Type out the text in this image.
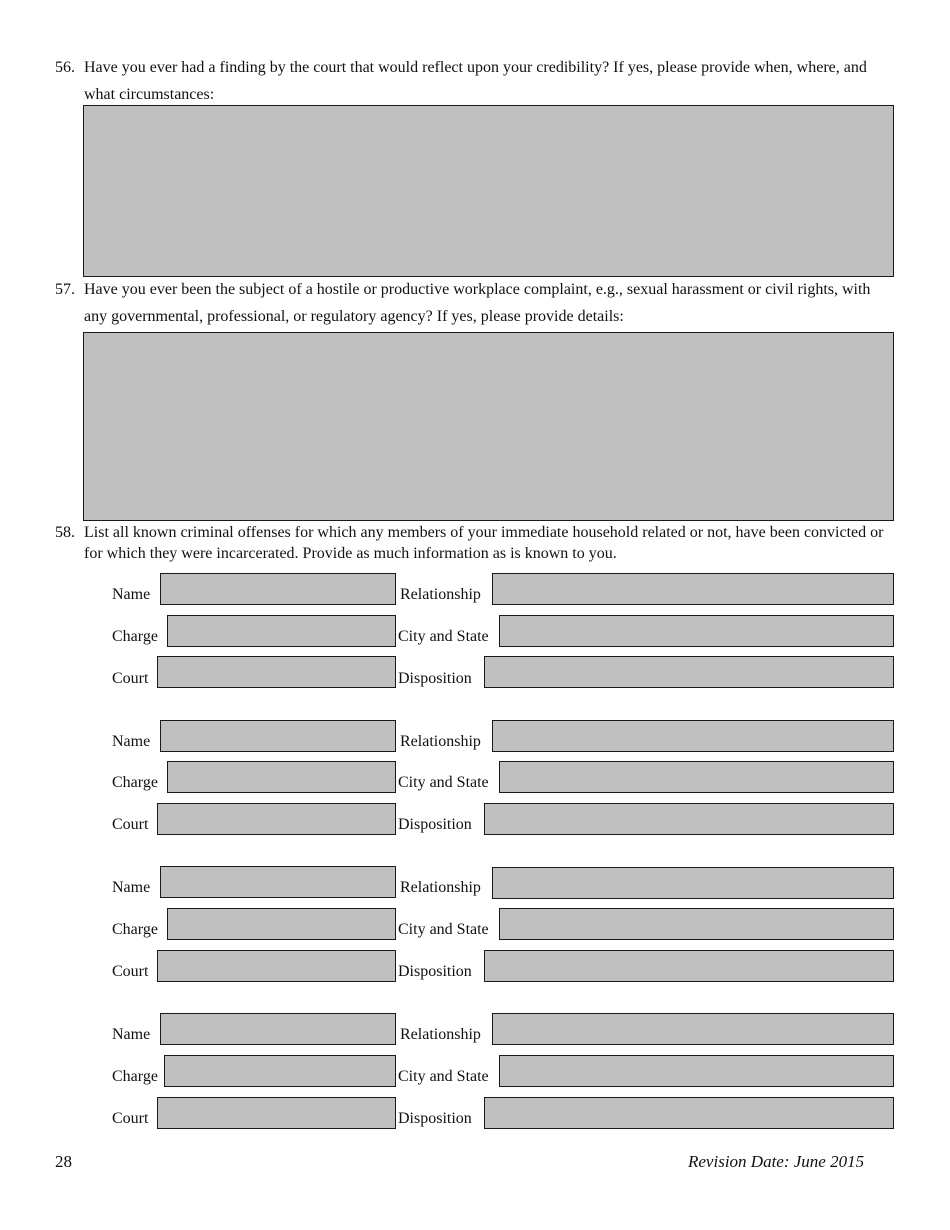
56. Have you ever had a finding by the court that would reflect upon your credibility? If yes, please provide when, where, and what circumstances:
57. Have you ever been the subject of a hostile or productive workplace complaint, e.g., sexual harassment or civil rights, with any governmental, professional, or regulatory agency? If yes, please provide details:
58. List all known criminal offenses for which any members of your immediate household related or not, have been convicted or for which they were incarcerated. Provide as much information as is known to you.
Name	Relationship
Charge	City and State
Court	Disposition
Name	Relationship
Charge	City and State
Court	Disposition
Name	Relationship
Charge	City and State
Court	Disposition
Name	Relationship
Charge	City and State
Court	Disposition
28	Revision Date: June 2015
